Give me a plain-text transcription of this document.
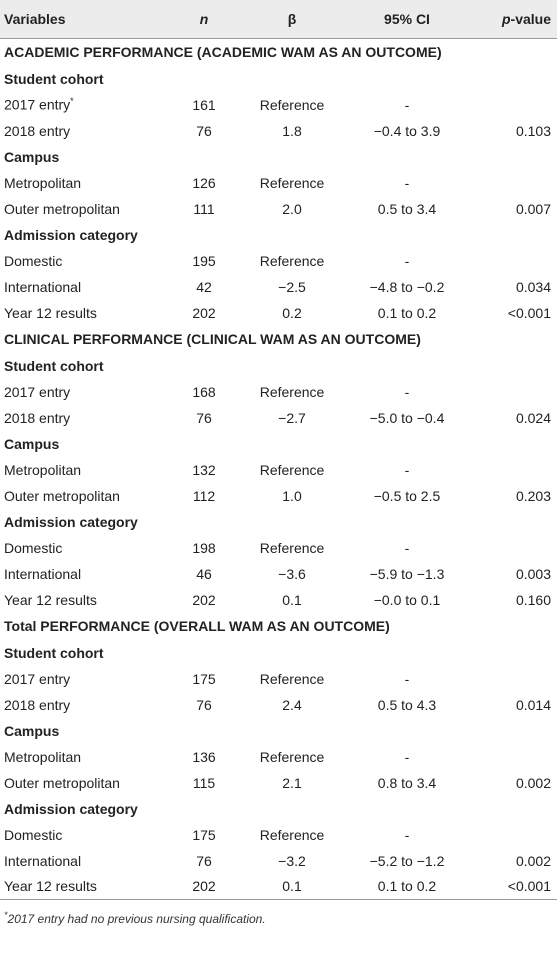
Variables	n	β	95% CI	p-value
ACADEMIC PERFORMANCE (ACADEMIC WAM AS AN OUTCOME)				
Student cohort				
2017 entry*	161	Reference	-	
2018 entry	76	1.8	−0.4 to 3.9	0.103
Campus				
Metropolitan	126	Reference	-	
Outer metropolitan	111	2.0	0.5 to 3.4	0.007
Admission category				
Domestic	195	Reference	-	
International	42	−2.5	−4.8 to −0.2	0.034
Year 12 results	202	0.2	0.1 to 0.2	<0.001
CLINICAL PERFORMANCE (CLINICAL WAM AS AN OUTCOME)				
Student cohort				
2017 entry	168	Reference	-	
2018 entry	76	−2.7	−5.0 to −0.4	0.024
Campus				
Metropolitan	132	Reference	-	
Outer metropolitan	112	1.0	−0.5 to 2.5	0.203
Admission category				
Domestic	198	Reference	-	
International	46	−3.6	−5.9 to −1.3	0.003
Year 12 results	202	0.1	−0.0 to 0.1	0.160
Total PERFORMANCE (OVERALL WAM AS AN OUTCOME)				
Student cohort				
2017 entry	175	Reference	-	
2018 entry	76	2.4	0.5 to 4.3	0.014
Campus				
Metropolitan	136	Reference	-	
Outer metropolitan	115	2.1	0.8 to 3.4	0.002
Admission category				
Domestic	175	Reference	-	
International	76	−3.2	−5.2 to −1.2	0.002
Year 12 results	202	0.1	0.1 to 0.2	<0.001
*2017 entry had no previous nursing qualification.
